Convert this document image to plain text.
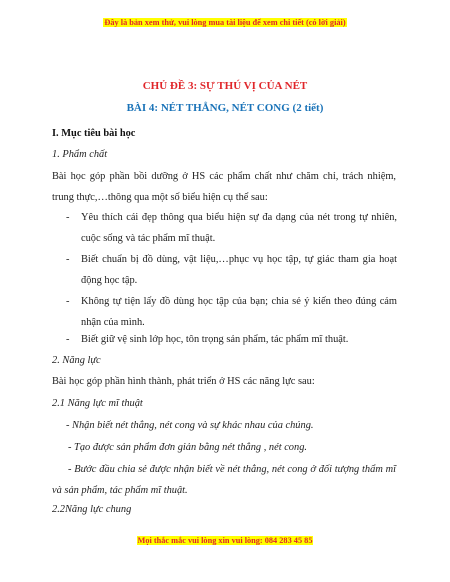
Đây là bản xem thử, vui lòng mua tài liệu để xem chi tiết (có lời giải)
CHỦ ĐỀ 3: SỰ THÚ VỊ CỦA NÉT
BÀI 4: NÉT THẲNG, NÉT CONG (2 tiết)
I. Mục tiêu bài học
1. Phẩm chất
Bài học góp phần bồi dưỡng ở HS các phẩm chất như chăm chỉ, trách nhiệm, trung thực,…thông qua một số biểu hiện cụ thể sau:
- Yêu thích cái đẹp thông qua biểu hiện sự đa dạng của nét trong tự nhiên, cuộc sống và tác phẩm mĩ thuật.
- Biết chuẩn bị đồ dùng, vật liệu,…phục vụ học tập, tự giác tham gia hoạt động học tập.
- Không tự tiện lấy đồ dùng học tập của bạn; chia sẻ ý kiến theo đúng cảm nhận của mình.
- Biết giữ vệ sinh lớp học, tôn trọng sản phẩm, tác phẩm mĩ thuật.
2. Năng lực
Bài học góp phần hình thành, phát triển ở HS các năng lực sau:
2.1 Năng lực mĩ thuật
- Nhận biết nét thẳng, nét cong và sự khác nhau của chúng.
- Tạo được sản phẩm đơn giản bằng nét thẳng , nét cong.
- Bước đầu chia sẻ được nhận biết về nét thẳng, nét cong ở đối tượng thẩm mĩ và sản phẩm, tác phẩm mĩ thuật.
2.2Năng lực chung
Mọi thắc mắc vui lòng xin vui lòng: 084 283 45 85
